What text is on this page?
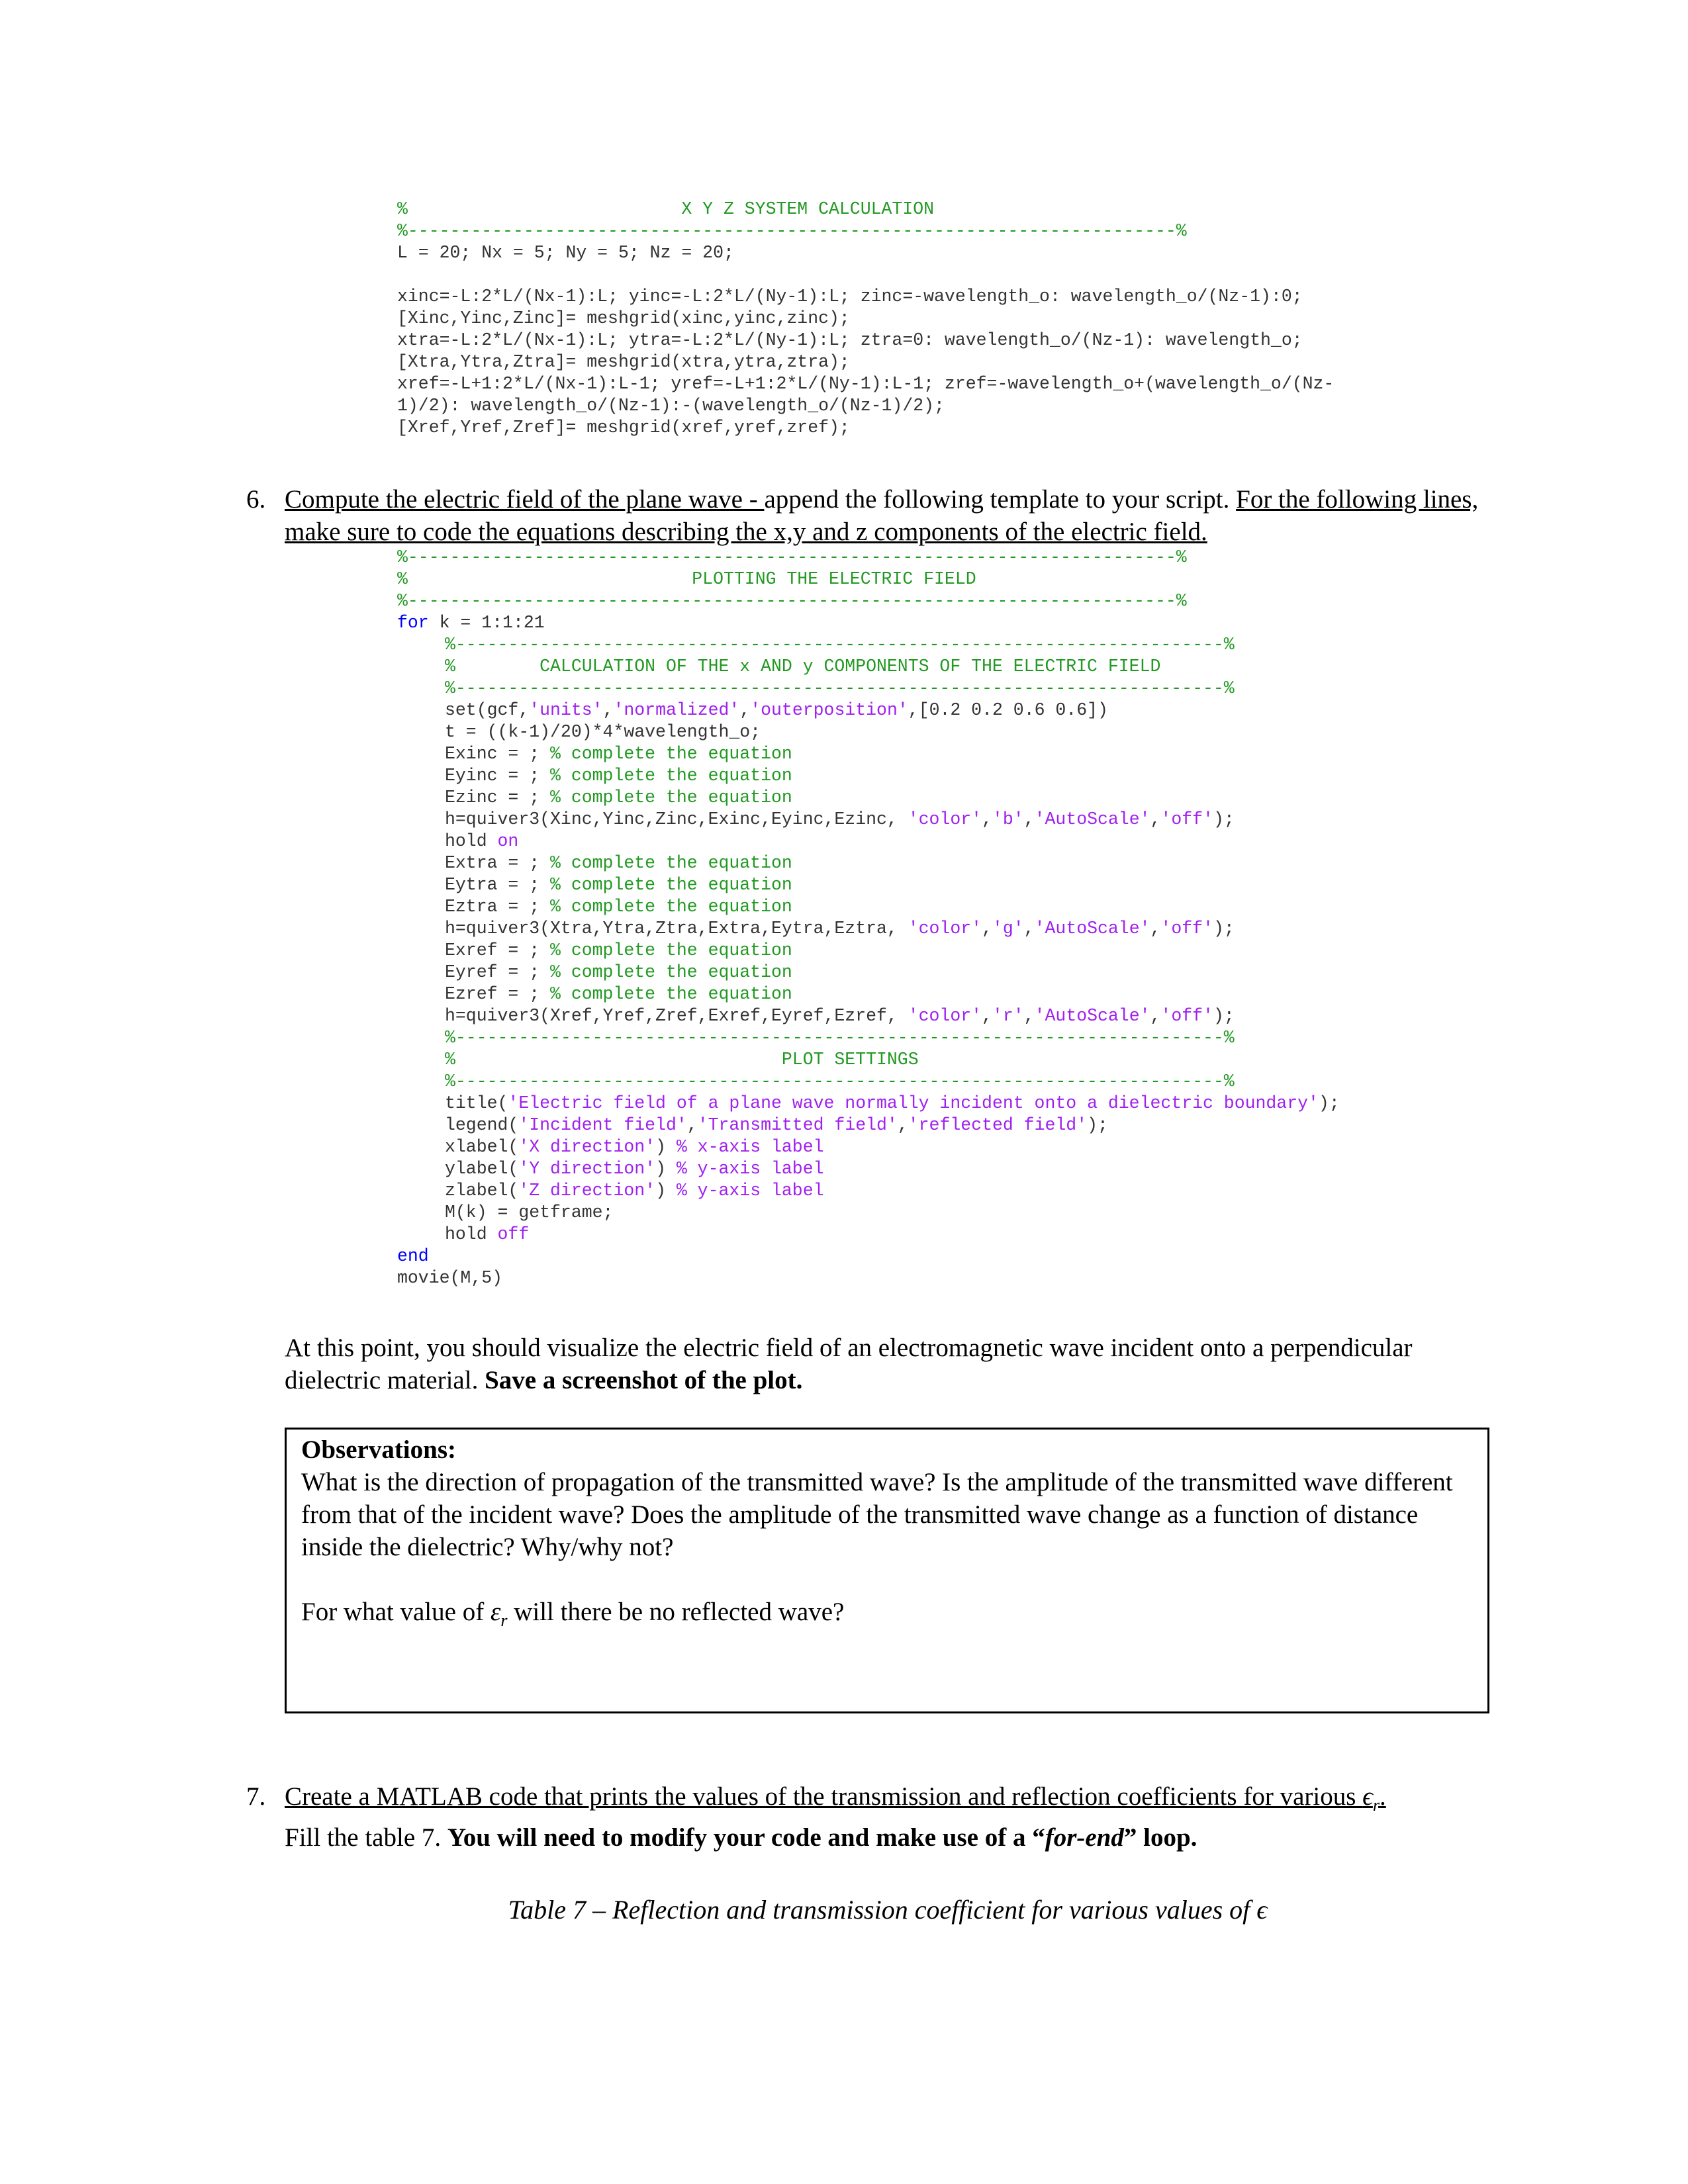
%                          X Y Z SYSTEM CALCULATION
%-------------------------------------------------------------------------%
L = 20; Nx = 5; Ny = 5; Nz = 20;
xinc=-L:2*L/(Nx-1):L; yinc=-L:2*L/(Ny-1):L; zinc=-wavelength_o: wavelength_o/(Nz-1):0;
[Xinc,Yinc,Zinc]= meshgrid(xinc,yinc,zinc);
xtra=-L:2*L/(Nx-1):L; ytra=-L:2*L/(Ny-1):L; ztra=0: wavelength_o/(Nz-1): wavelength_o;
[Xtra,Ytra,Ztra]= meshgrid(xtra,ytra,ztra);
xref=-L+1:2*L/(Nx-1):L-1; yref=-L+1:2*L/(Ny-1):L-1; zref=-wavelength_o+(wavelength_o/(Nz-
1)/2): wavelength_o/(Nz-1):-(wavelength_o/(Nz-1)/2);
[Xref,Yref,Zref]= meshgrid(xref,yref,zref);
6. Compute the electric field of the plane wave - append the following template to your script. For the following lines, make sure to code the equations describing the x,y and z components of the electric field.
%-------------------------------------------------------------------------%
%                           PLOTTING THE ELECTRIC FIELD
%-------------------------------------------------------------------------%
for k = 1:1:21
%-------------------------------------------------------------------------%
%        CALCULATION OF THE x AND y COMPONENTS OF THE ELECTRIC FIELD
%-------------------------------------------------------------------------%
set(gcf,'units','normalized','outerposition',[0.2 0.2 0.6 0.6])
t = ((k-1)/20)*4*wavelength_o;
Exinc = ; % complete the equation
Eyinc = ; % complete the equation
Ezinc = ; % complete the equation
h=quiver3(Xinc,Yinc,Zinc,Exinc,Eyinc,Ezinc, 'color','b','AutoScale','off');
hold on
Extra = ; % complete the equation
Eytra = ; % complete the equation
Eztra = ; % complete the equation
h=quiver3(Xtra,Ytra,Ztra,Extra,Eytra,Eztra, 'color','g','AutoScale','off');
Exref = ; % complete the equation
Eyref = ; % complete the equation
Ezref = ; % complete the equation
h=quiver3(Xref,Yref,Zref,Exref,Eyref,Ezref, 'color','r','AutoScale','off');
%-------------------------------------------------------------------------%
%                               PLOT SETTINGS
%-------------------------------------------------------------------------%
title('Electric field of a plane wave normally incident onto a dielectric boundary');
legend('Incident field','Transmitted field','reflected field');
xlabel('X direction') % x-axis label
ylabel('Y direction') % y-axis label
zlabel('Z direction') % y-axis label
M(k) = getframe;
hold off
end
movie(M,5)
At this point, you should visualize the electric field of an electromagnetic wave incident onto a perpendicular dielectric material. Save a screenshot of the plot.
Observations:
What is the direction of propagation of the transmitted wave? Is the amplitude of the transmitted wave different from that of the incident wave? Does the amplitude of the transmitted wave change as a function of distance inside the dielectric? Why/why not?
For what value of $\varepsilon_r$ will there be no reflected wave?
7. Create a MATLAB code that prints the values of the transmission and reflection coefficients for various $\epsilon_r$.
Fill the table 7. You will need to modify your code and make use of a “for-end” loop.
Table 7 – Reflection and transmission coefficient for various values of ϵ
